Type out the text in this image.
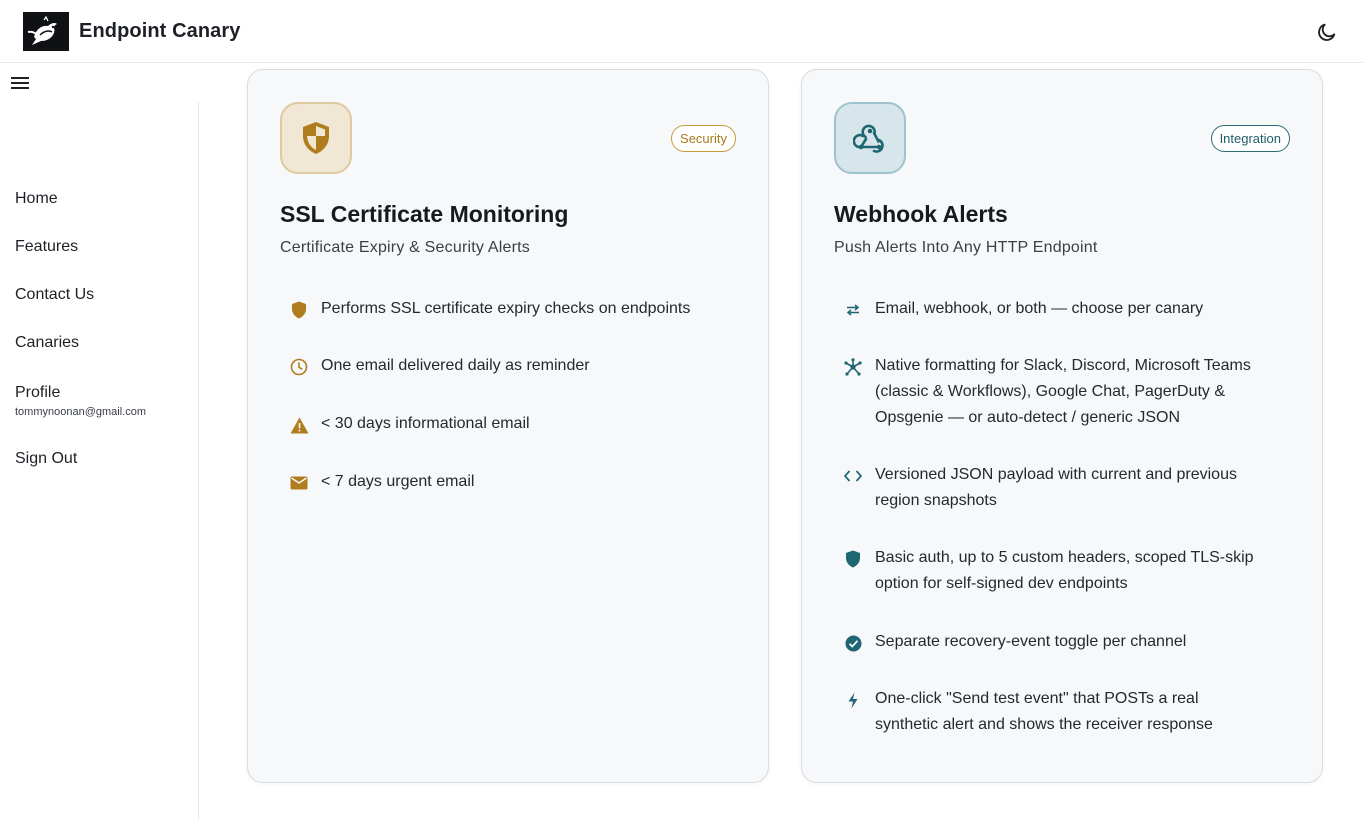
Endpoint Canary
Home
Features
Contact Us
Canaries
Profile
tommynoonan@gmail.com
Sign Out
Security
SSL Certificate Monitoring
Certificate Expiry & Security Alerts
Performs SSL certificate expiry checks on endpoints
One email delivered daily as reminder
< 30 days informational email
< 7 days urgent email
Integration
Webhook Alerts
Push Alerts Into Any HTTP Endpoint
Email, webhook, or both — choose per canary
Native formatting for Slack, Discord, Microsoft Teams (classic & Workflows), Google Chat, PagerDuty & Opsgenie — or auto-detect / generic JSON
Versioned JSON payload with current and previous region snapshots
Basic auth, up to 5 custom headers, scoped TLS-skip option for self-signed dev endpoints
Separate recovery-event toggle per channel
One-click "Send test event" that POSTs a real synthetic alert and shows the receiver response
